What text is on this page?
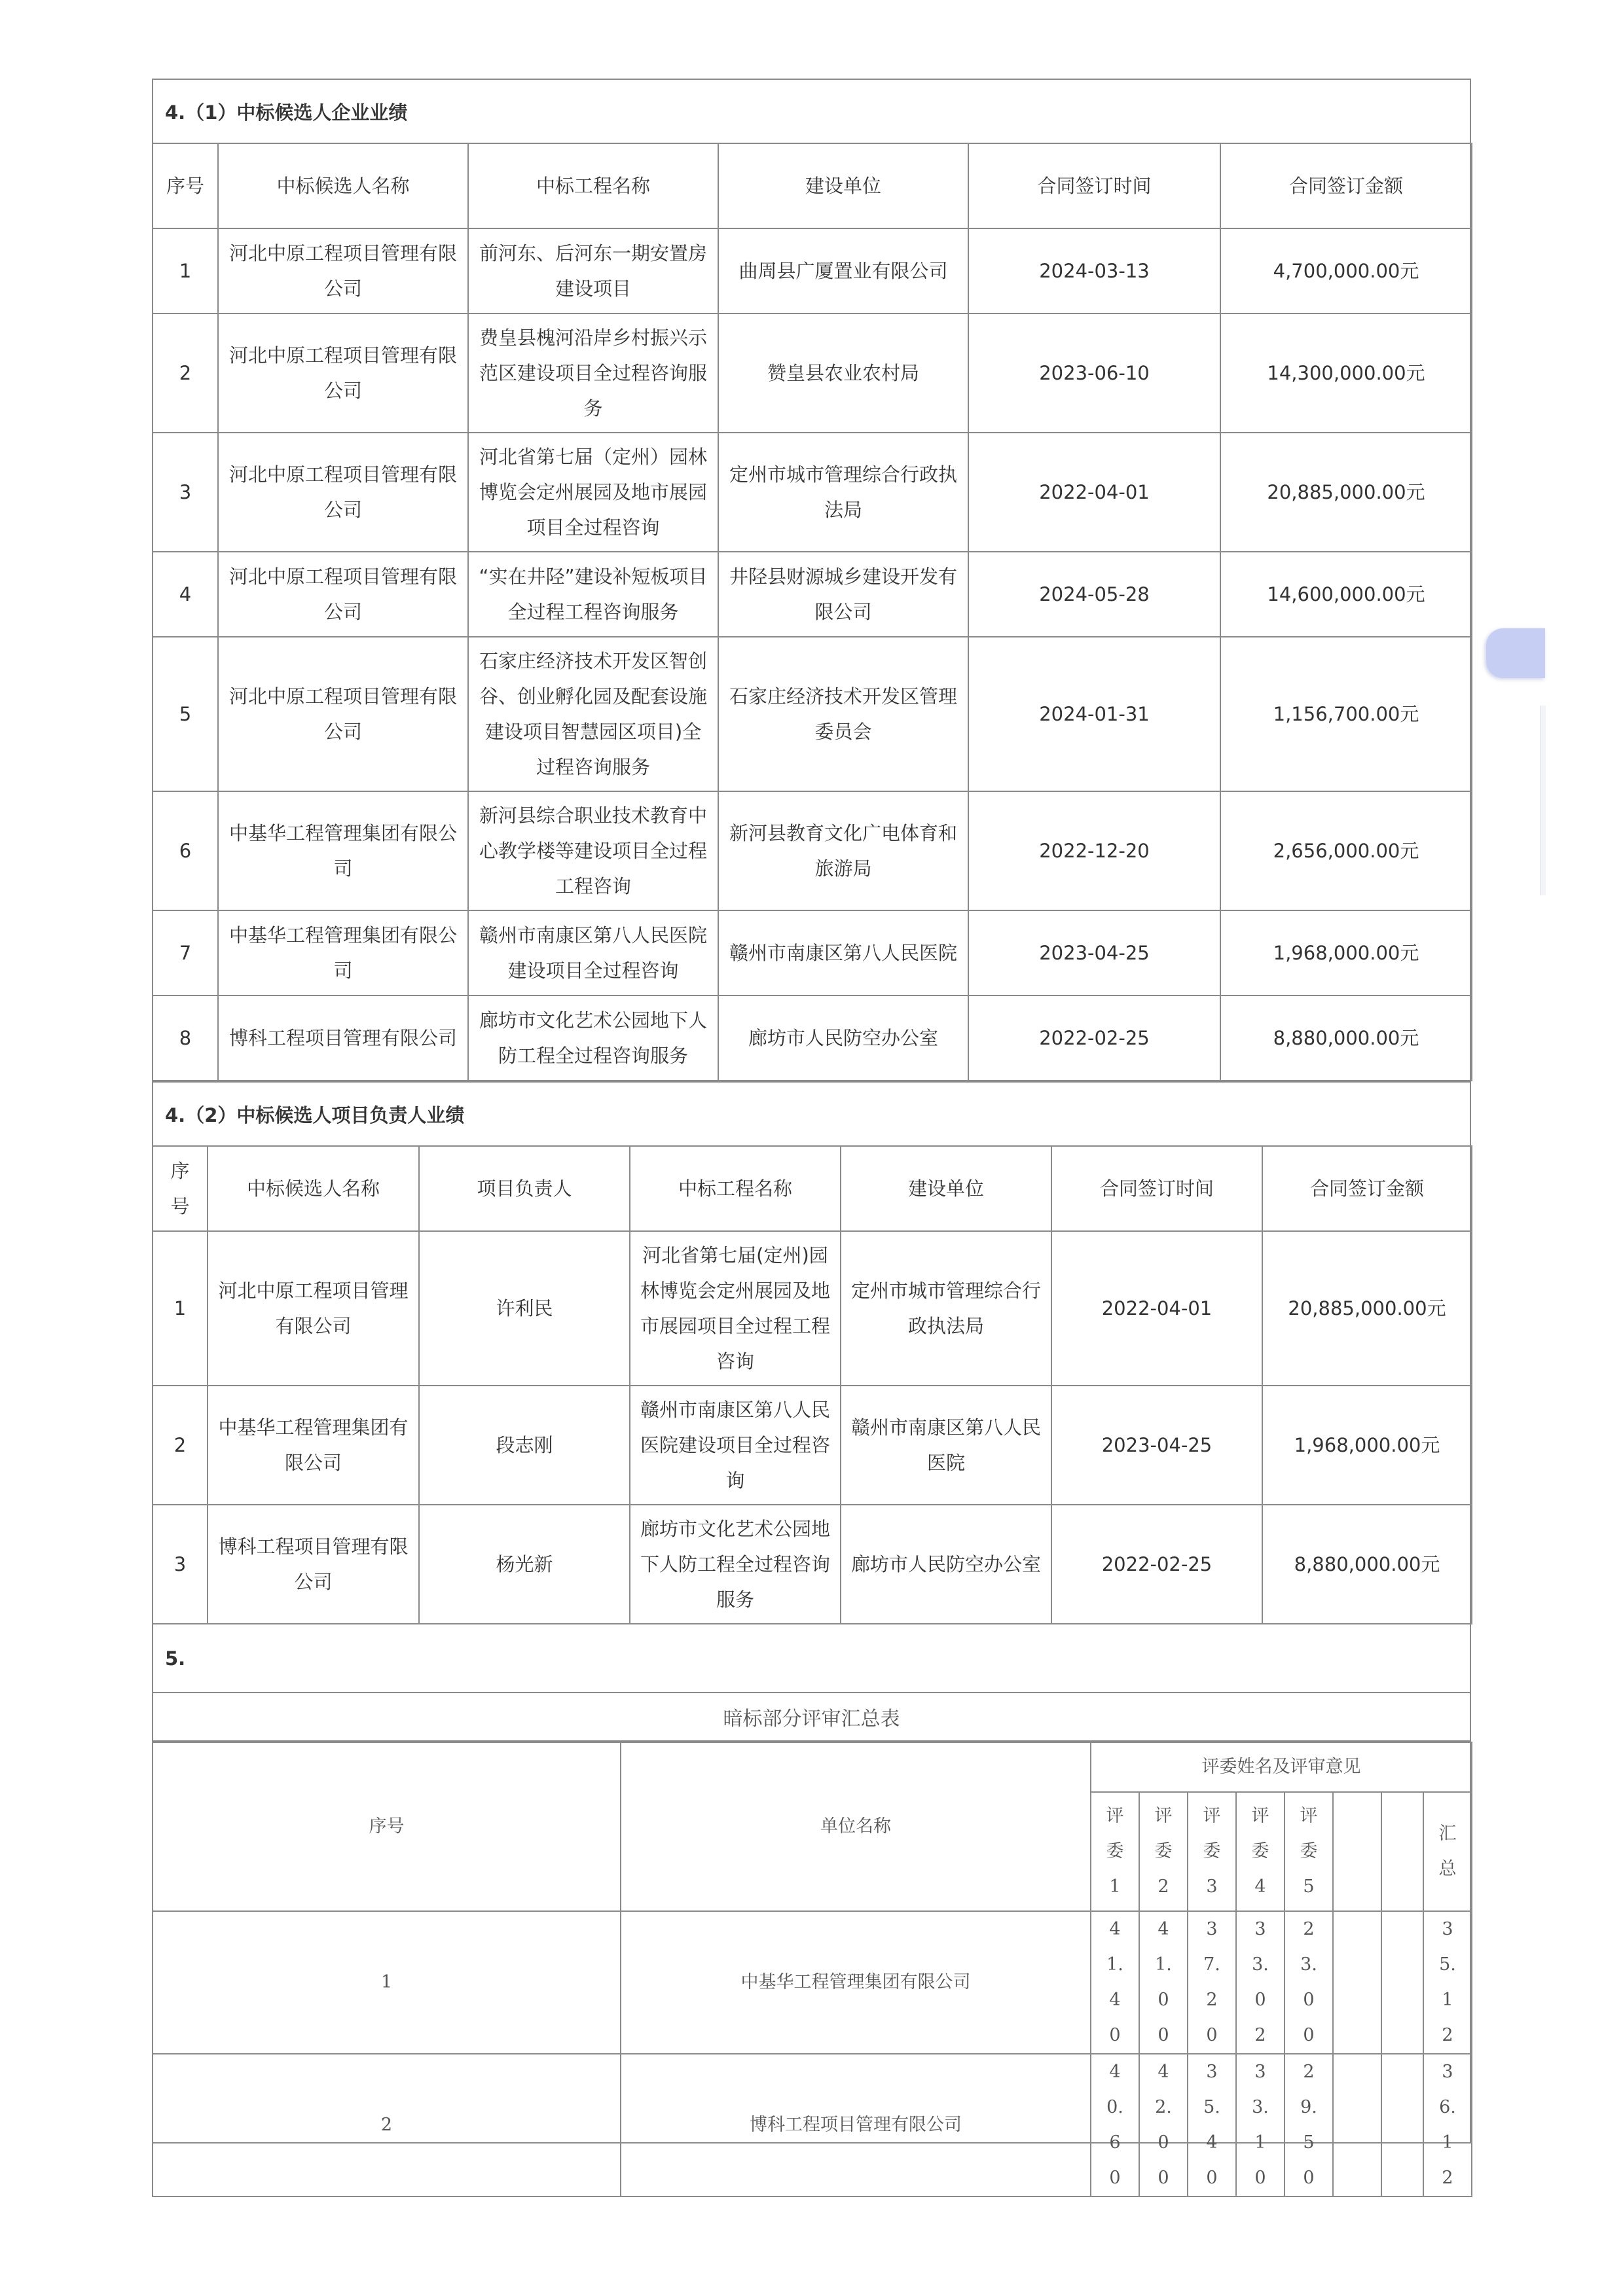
4.（1）中标候选人企业业绩
序号	中标候选人名称	中标工程名称	建设单位	合同签订时间	合同签订金额
1	河北中原工程项目管理有限公司	前河东、后河东一期安置房建设项目	曲周县广厦置业有限公司	2024-03-13	4,700,000.00元
2	河北中原工程项目管理有限公司	费皇县槐河沿岸乡村振兴示范区建设项目全过程咨询服务	赞皇县农业农村局	2023-06-10	14,300,000.00元
3	河北中原工程项目管理有限公司	河北省第七届（定州）园林博览会定州展园及地市展园项目全过程咨询	定州市城市管理综合行政执法局	2022-04-01	20,885,000.00元
4	河北中原工程项目管理有限公司	“实在井陉”建设补短板项目全过程工程咨询服务	井陉县财源城乡建设开发有限公司	2024-05-28	14,600,000.00元
5	河北中原工程项目管理有限公司	石家庄经济技术开发区智创谷、创业孵化园及配套设施建设项目智慧园区项目)全过程咨询服务	石家庄经济技术开发区管理委员会	2024-01-31	1,156,700.00元
6	中基华工程管理集团有限公司	新河县综合职业技术教育中心教学楼等建设项目全过程工程咨询	新河县教育文化广电体育和旅游局	2022-12-20	2,656,000.00元
7	中基华工程管理集团有限公司	赣州市南康区第八人民医院建设项目全过程咨询	赣州市南康区第八人民医院	2023-04-25	1,968,000.00元
8	博科工程项目管理有限公司	廊坊市文化艺术公园地下人防工程全过程咨询服务	廊坊市人民防空办公室	2022-02-25	8,880,000.00元
4.（2）中标候选人项目负责人业绩
序号	中标候选人名称	项目负责人	中标工程名称	建设单位	合同签订时间	合同签订金额
1	河北中原工程项目管理有限公司	许利民	河北省第七届(定州)园林博览会定州展园及地市展园项目全过程工程咨询	定州市城市管理综合行政执法局	2022-04-01	20,885,000.00元
2	中基华工程管理集团有限公司	段志刚	赣州市南康区第八人民医院建设项目全过程咨询	赣州市南康区第八人民医院	2023-04-25	1,968,000.00元
3	博科工程项目管理有限公司	杨光新	廊坊市文化艺术公园地下人防工程全过程咨询服务	廊坊市人民防空办公室	2022-02-25	8,880,000.00元
5.
暗标部分评审汇总表
序号	单位名称	评委姓名及评审意见							
		评委1	评委2	评委3	评委4	评委5			汇总
1	中基华工程管理集团有限公司	41.40	41.00	37.20	33.02	23.00			35.12
2	博科工程项目管理有限公司	40.60	42.00	35.40	33.10	29.50			36.12
